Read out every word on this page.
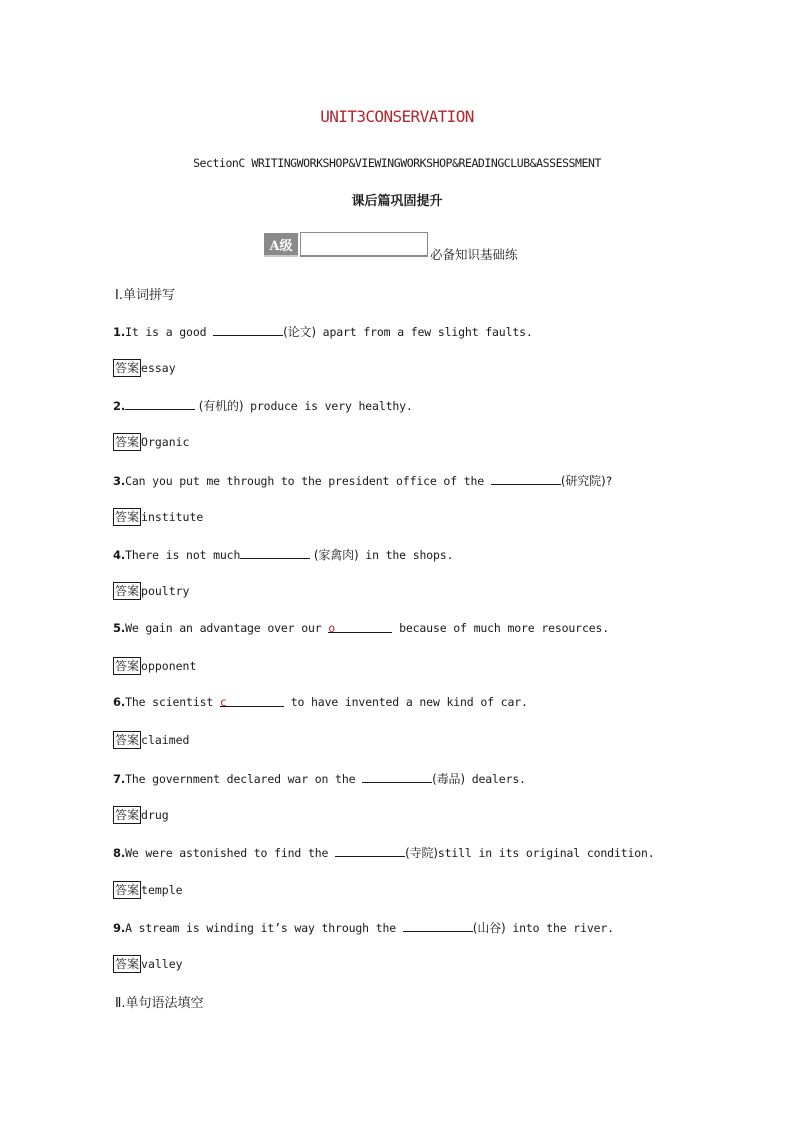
UNIT3CONSERVATION
SectionC WRITINGWORKSHOP&VIEWINGWORKSHOP&READINGCLUB&ASSESSMENT
课后篇巩固提升
A级
必备知识基础练
Ⅰ.单词拼写
1.It is a good	(论文) apart from a few slight faults.
答案 essay
2.	(有机的) produce is very healthy.
答案 Organic
3.Can you put me through to the president office of the	(研究院)?
答案 institute
4.There is not much	(家禽肉) in the shops.
答案 poultry
5.We gain an advantage over our o	because of much more resources.
答案 opponent
6.The scientist c	to have invented a new kind of car.
答案 claimed
7.The government declared war on the	(毒品) dealers.
答案 drug
8.We were astonished to find the	(寺院)still in its original condition.
答案 temple
9.A stream is winding it’s way through the	(山谷) into the river.
答案 valley
Ⅱ.单句语法填空
